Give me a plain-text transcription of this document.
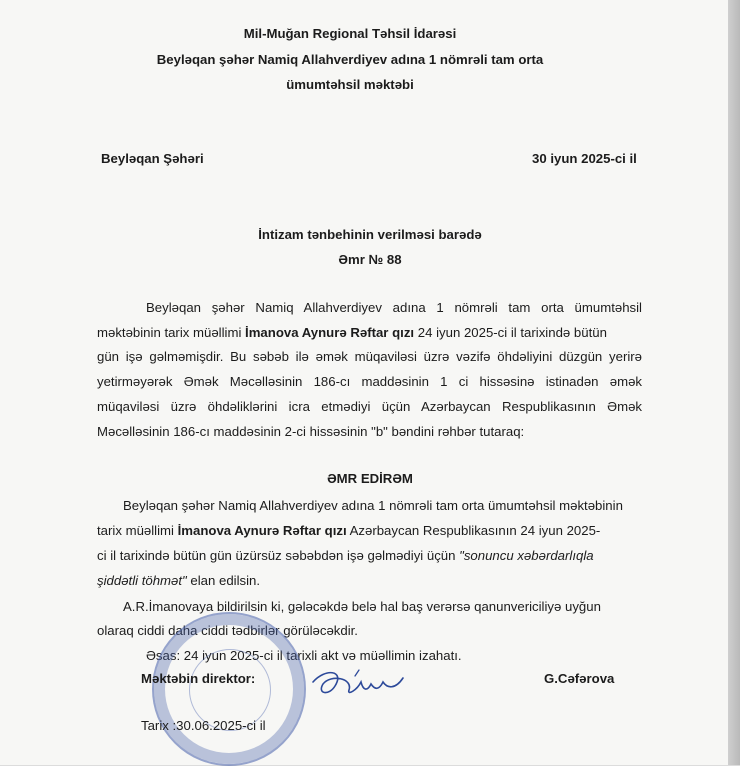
Mil-Muğan Regional Təhsil İdarəsi
Beyləqan şəhər Namiq Allahverdiyev adına 1 nömrəli tam orta
ümumtəhsil məktəbi
Beyləqan Şəhəri	30 iyun 2025-ci il
İntizam tənbehinin verilməsi barədə
Əmr № 88
Beyləqan şəhər Namiq Allahverdiyev adına 1 nömrəli tam orta ümumtəhsil
məktəbinin tarix müəllimi İmanova Aynurə Rəftar qızı 24 iyun 2025-ci il tarixində bütün
gün işə gəlməmişdir. Bu səbəb ilə əmək müqaviləsi üzrə vəzifə öhdəliyini düzgün yerirə
yetirməyərək Əmək Məcəlləsinin 186-cı maddəsinin 1 ci hissəsinə istinadən əmək
müqaviləsi üzrə öhdəliklərini icra etmədiyi üçün Azərbaycan Respublikasının Əmək
Məcəlləsinin 186-cı maddəsinin 2-ci hissəsinin "b" bəndini rəhbər tutaraq:
ƏMR EDİRƏM
Beyləqan şəhər Namiq Allahverdiyev adına 1 nömrəli tam orta ümumtəhsil məktəbinin
tarix müəllimi İmanova Aynurə Rəftar qızı Azərbaycan Respublikasının 24 iyun 2025-
ci il tarixində bütün gün üzürsüz səbəbdən işə gəlmədiyi üçün "sonuncu xəbərdarlıqla
şiddətli töhmət" elan edilsin.
A.R.İmanovaya bildirilsin ki, gələcəkdə belə hal baş verərsə qanunvericiliyə uyğun
olaraq ciddi daha ciddi tədbirlər görüləcəkdir.
Əsas: 24 iyun 2025-ci il tarixli akt və müəllimin izahatı.
Məktəbin direktor:	G.Cəfərova
Tarix :30.06.2025-ci il
